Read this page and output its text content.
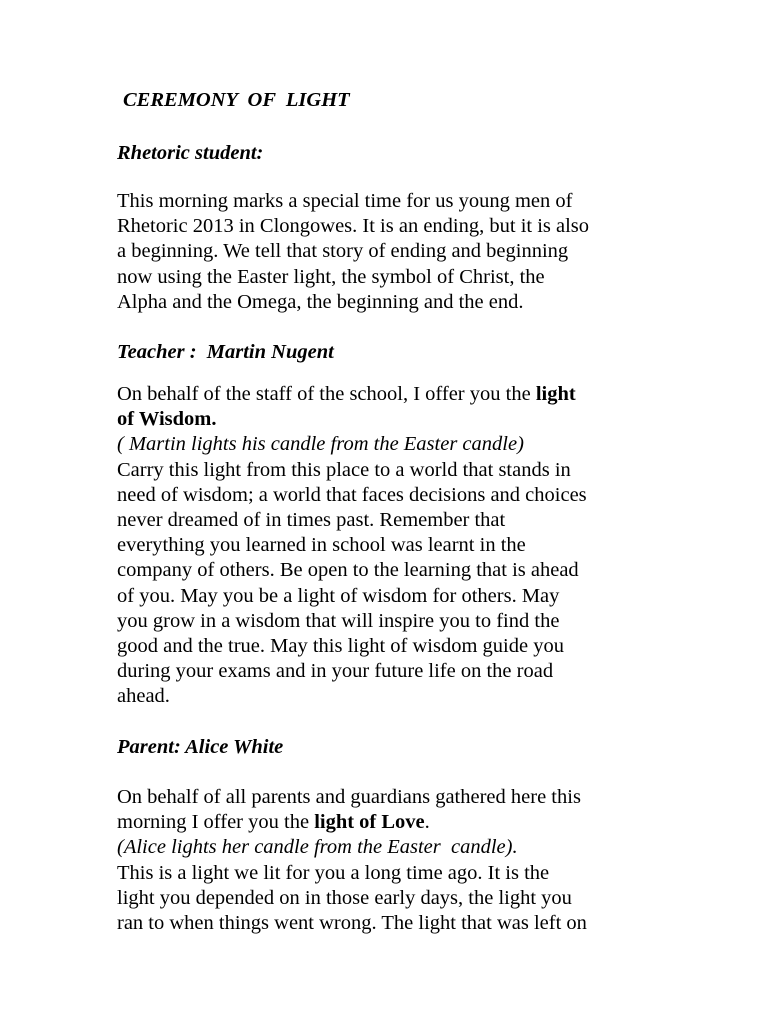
CEREMONY  OF  LIGHT
Rhetoric student:
This morning marks a special time for us young men of
Rhetoric 2013 in Clongowes. It is an ending, but it is also
a beginning. We tell that story of ending and beginning
now using the Easter light, the symbol of Christ, the
Alpha and the Omega, the beginning and the end.
Teacher :  Martin Nugent
On behalf of the staff of the school, I offer you the light
of Wisdom.
( Martin lights his candle from the Easter candle)
Carry this light from this place to a world that stands in
need of wisdom; a world that faces decisions and choices
never dreamed of in times past. Remember that
everything you learned in school was learnt in the
company of others. Be open to the learning that is ahead
of you. May you be a light of wisdom for others. May
you grow in a wisdom that will inspire you to find the
good and the true. May this light of wisdom guide you
during your exams and in your future life on the road
ahead.
Parent: Alice White
On behalf of all parents and guardians gathered here this
morning I offer you the light of Love.
(Alice lights her candle from the Easter  candle).
This is a light we lit for you a long time ago. It is the
light you depended on in those early days, the light you
ran to when things went wrong. The light that was left on
